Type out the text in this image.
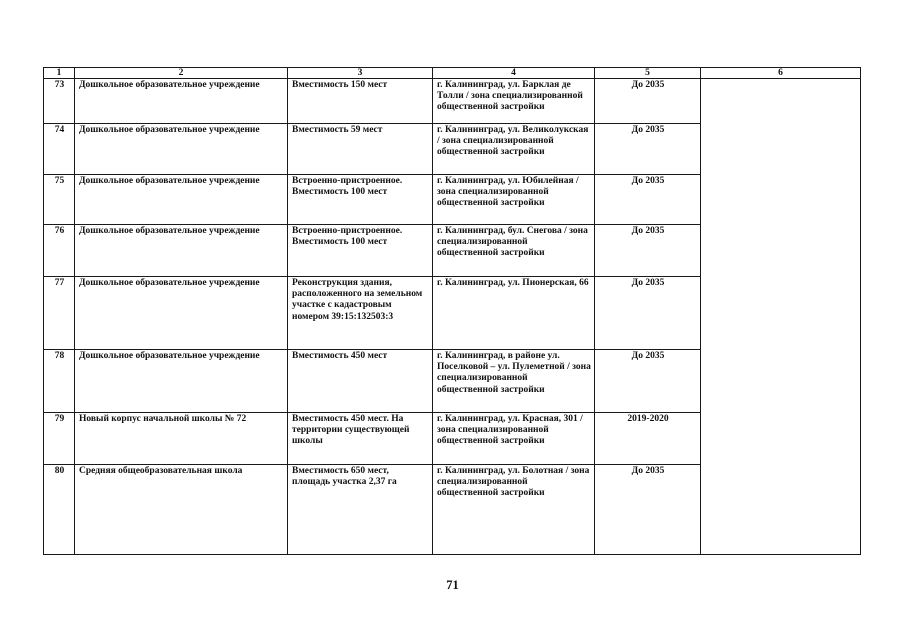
1	2	3	4	5	6
73	Дошкольное образовательное учреждение	Вместимость 150 мест	г. Калининград, ул. Барклая де Толли / зона специализированной общественной застройки	До 2035	
74	Дошкольное образовательное учреждение	Вместимость 59 мест	г. Калининград, ул. Великолукская / зона специализированной общественной застройки	До 2035	
75	Дошкольное образовательное учреждение	Встроенно-пристроенное. Вместимость 100 мест	г. Калининград, ул. Юбилейная / зона специализированной общественной застройки	До 2035	
76	Дошкольное образовательное учреждение	Встроенно-пристроенное. Вместимость 100 мест	г. Калининград, бул. Снегова / зона специализированной общественной застройки	До 2035	
77	Дошкольное образовательное учреждение	Реконструкция здания, расположенного на земельном участке с кадастровым номером 39:15:132503:3	г. Калининград, ул. Пионерская, 66	До 2035	
78	Дошкольное образовательное учреждение	Вместимость 450 мест	г. Калининград, в районе ул. Поселковой – ул. Пулеметной / зона специализированной общественной застройки	До 2035	
79	Новый корпус начальной школы № 72	Вместимость 450 мест. На территории существующей школы	г. Калининград, ул. Красная, 301 / зона специализированной общественной застройки	2019-2020	
80	Средняя общеобразовательная школа	Вместимость 650 мест, площадь участка 2,37 га	г. Калининград, ул. Болотная / зона специализированной общественной застройки	До 2035	
71
